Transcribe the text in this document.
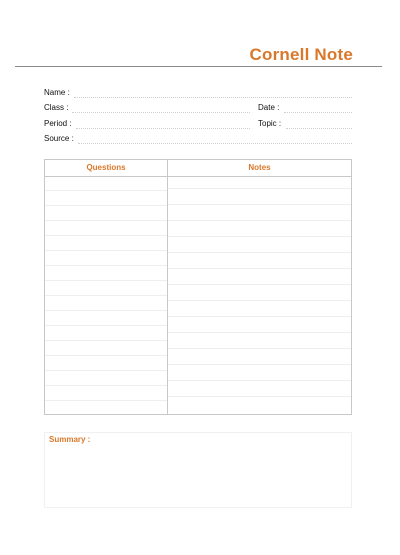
Cornell Note
Name :
Class :	Date :
Period :	Topic :
Source :
Questions	Notes
Summary :
